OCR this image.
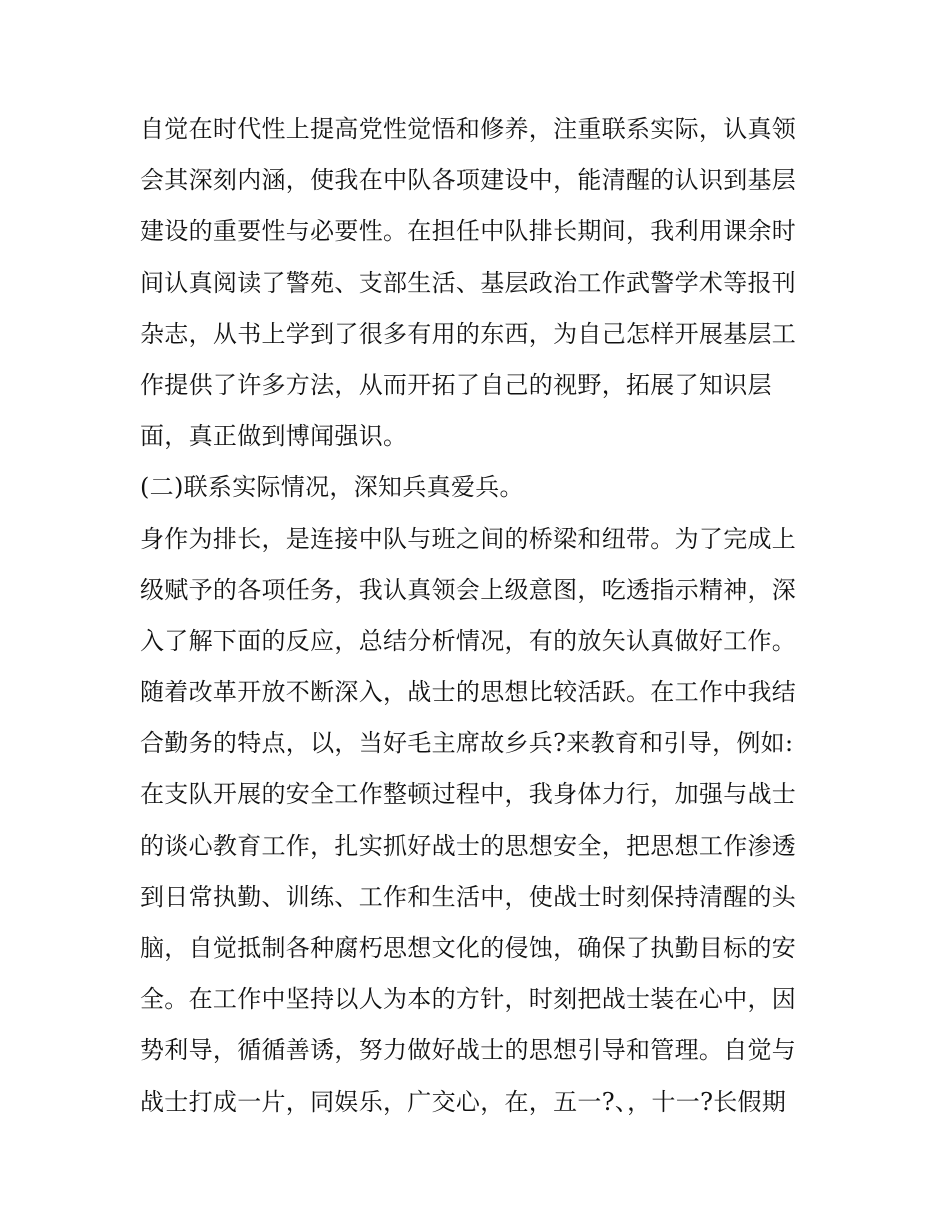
自觉在时代性上提高党性觉悟和修养，注重联系实际，认真领
会其深刻内涵，使我在中队各项建设中，能清醒的认识到基层
建设的重要性与必要性。在担任中队排长期间，我利用课余时
间认真阅读了警苑、支部生活、基层政治工作武警学术等报刊
杂志，从书上学到了很多有用的东西，为自己怎样开展基层工
作提供了许多方法，从而开拓了自己的视野，拓展了知识层
面，真正做到博闻强识。
(二)联系实际情况，深知兵真爱兵。
身作为排长，是连接中队与班之间的桥梁和纽带。为了完成上
级赋予的各项任务，我认真领会上级意图，吃透指示精神，深
入了解下面的反应，总结分析情况，有的放矢认真做好工作。
随着改革开放不断深入，战士的思想比较活跃。在工作中我结
合勤务的特点，以，当好毛主席故乡兵?来教育和引导，例如:
在支队开展的安全工作整顿过程中，我身体力行，加强与战士
的谈心教育工作，扎实抓好战士的思想安全，把思想工作渗透
到日常执勤、训练、工作和生活中，使战士时刻保持清醒的头
脑，自觉抵制各种腐朽思想文化的侵蚀，确保了执勤目标的安
全。在工作中坚持以人为本的方针，时刻把战士装在心中，因
势利导，循循善诱，努力做好战士的思想引导和管理。自觉与
战士打成一片，同娱乐，广交心，在，五一?、，十一?长假期
